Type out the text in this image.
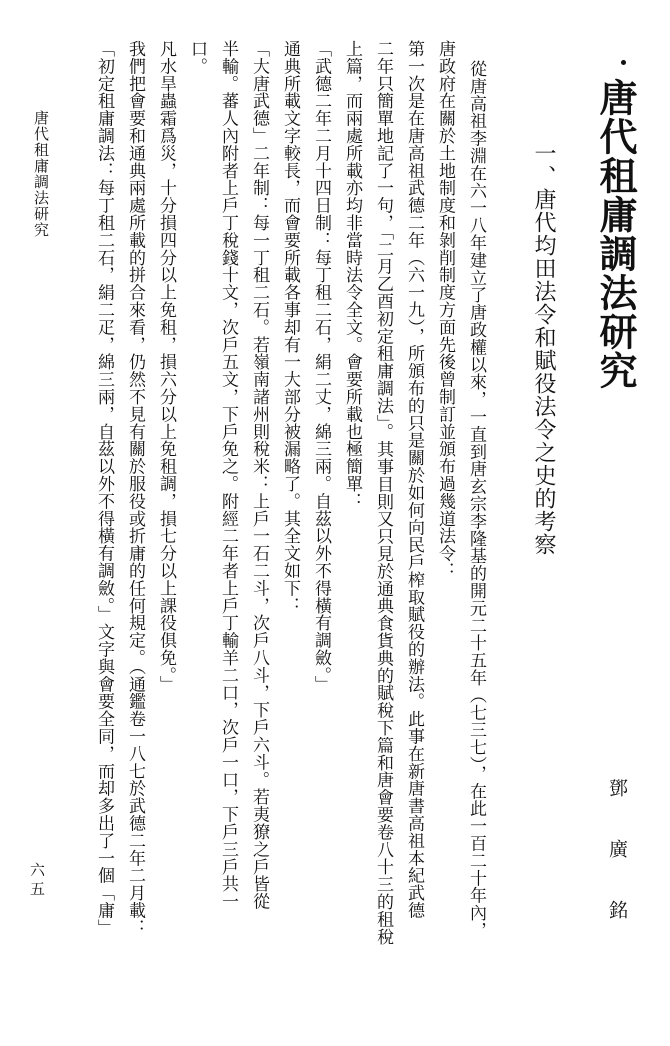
唐代租庸調法研究
鄧 廣 銘
一、唐代均田法令和賦役法令之史的考察
從唐高祖李淵在六一八年建立了唐政權以來，一直到唐玄宗李隆基的開元二十五年（七三七），在此一百二十年內，
唐政府在關於土地制度和剝削制度方面先後曾制訂並頒布過幾道法令：
第一次是在唐高祖武德二年（六一九），所頒布的只是關於如何向民戶榨取賦役的辦法。此事在新唐書高祖本紀武德
二年只簡單地記了一句，「二月乙酉初定租庸調法」。其事目則又只見於通典食貨典的賦稅下篇和唐會要卷八十三的租稅
上篇，而兩處所載亦均非當時法令全文。會要所載也極簡單：
「武德二年二月十四日制：每丁租二石，絹二丈，綿三兩。自茲以外不得橫有調斂。」
通典所載文字較長，而會要所載各事却有一大部分被漏略了。其全文如下：
「大唐武德」二年制：每一丁租二石。若嶺南諸州則稅米：上戶一石二斗，次戶八斗，下戶六斗。若夷獠之戶皆從
半輸。蕃人內附者上戶丁稅錢十文，次戶五文，下戶免之。附經二年者上戶丁輸羊二口，次戶一口，下戶三戶共一
口。
凡水旱蟲霜爲災，十分損四分以上免租，損六分以上免租調，損七分以上課役俱免。」
我們把會要和通典兩處所載的拼合來看，仍然不見有關於服役或折庸的任何規定。（通鑑卷一八七於武德二年二月載：
「初定租庸調法：每丁租二石，絹二疋，綿三兩，自茲以外不得橫有調斂。」文字與會要全同，而却多出了一個「庸」
唐代租庸調法研究
六五
